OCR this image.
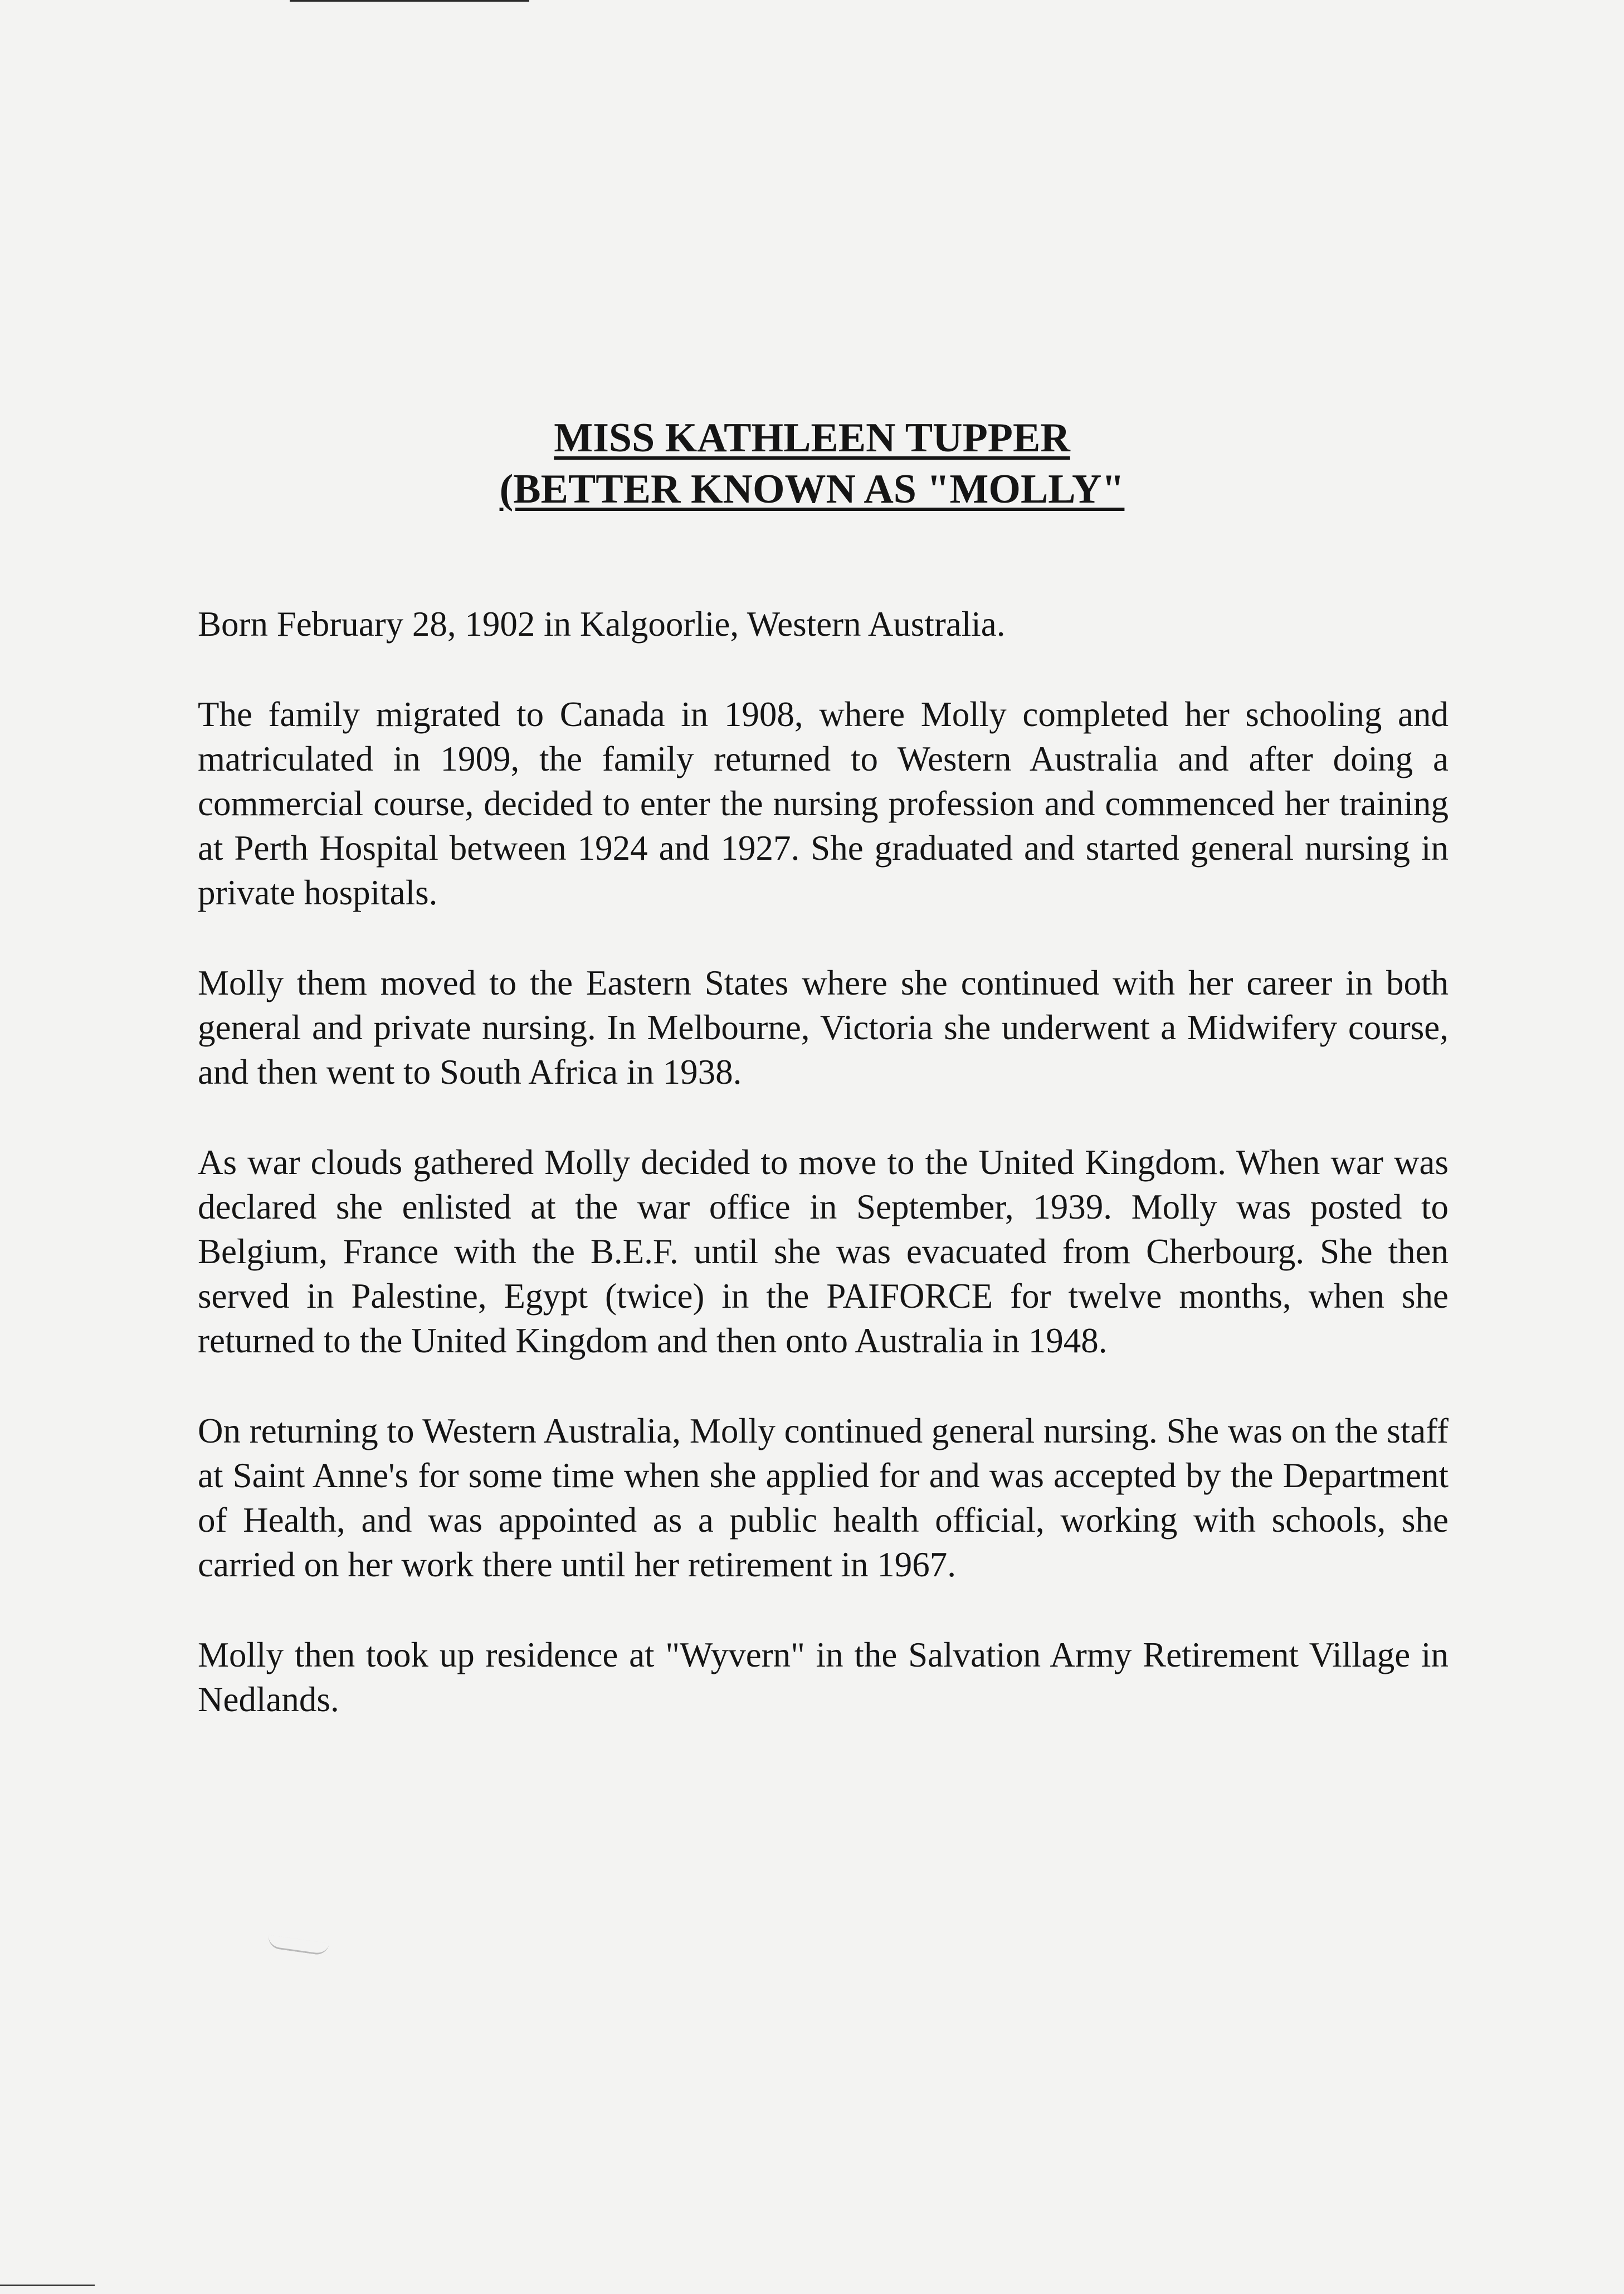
MISS KATHLEEN TUPPER
(BETTER KNOWN AS "MOLLY"

Born February 28, 1902 in Kalgoorlie, Western Australia.

The family migrated to Canada in 1908, where Molly completed her schooling and matriculated in 1909, the family returned to Western Australia and after doing a commercial course, decided to enter the nursing profession and commenced her training at Perth Hospital between 1924 and 1927. She graduated and started general nursing in private hospitals.

Molly them moved to the Eastern States where she continued with her career in both general and private nursing. In Melbourne, Victoria she underwent a Midwifery course, and then went to South Africa in 1938.

As war clouds gathered Molly decided to move to the United Kingdom. When war was declared she enlisted at the war office in September, 1939. Molly was posted to Belgium, France with the B.E.F. until she was evacuated from Cherbourg. She then served in Palestine, Egypt (twice) in the PAIFORCE for twelve months, when she returned to the United Kingdom and then onto Australia in 1948.

On returning to Western Australia, Molly continued general nursing. She was on the staff at Saint Anne's for some time when she applied for and was accepted by the Department of Health, and was appointed as a public health official, working with schools, she carried on her work there until her retirement in 1967.

Molly then took up residence at "Wyvern" in the Salvation Army Retirement Village in Nedlands.
